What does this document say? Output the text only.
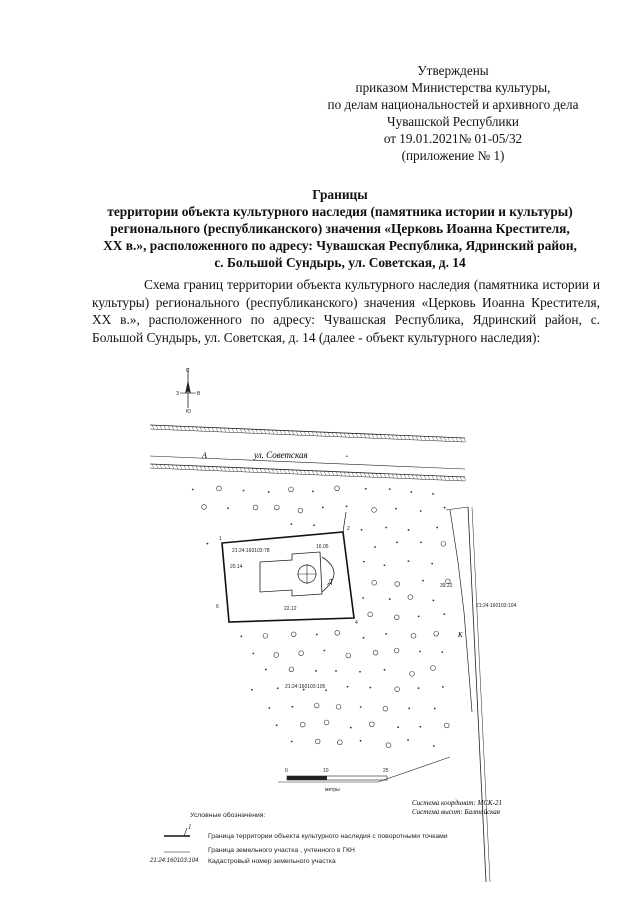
Утверждены
приказом Министерства культуры,
по делам национальностей и архивного дела
Чувашской Республики
от 19.01.2021№ 01-05/32
(приложение № 1)
Границы
территории объекта культурного наследия (памятника истории и культуры)
регионального (республиканского) значения «Церковь Иоанна Крестителя,
XX в.», расположенного по адресу: Чувашская Республика, Ядринский район,
с. Большой Сундырь, ул. Советская, д. 14
Схема границ территории объекта культурного наследия (памятника истории и культуры) регионального (республиканского) значения «Церковь Иоанна Крестителя, XX в.», расположенного по адресу: Чувашская Республика, Ядринский район, с. Большой Сундырь, ул. Советская, д. 14 (далее - объект культурного наследия):
С
Ю
З	В
А	ул. Советская	•
21:24:160103:104
21:24:160103:78
20.14
16.05
22.12
39.22
Д
1
2
4
6
21:24:160103:105
К
0	10	25
метры
Система координат: МСК-21
Система высот: Балтийская
Условные обозначения:
1
Граница территории объекта культурного наследия с поворотными точками
Граница земельного участка , учтенного в ГКН
21:24:160103:104 Кадастровый номер земельного участка
